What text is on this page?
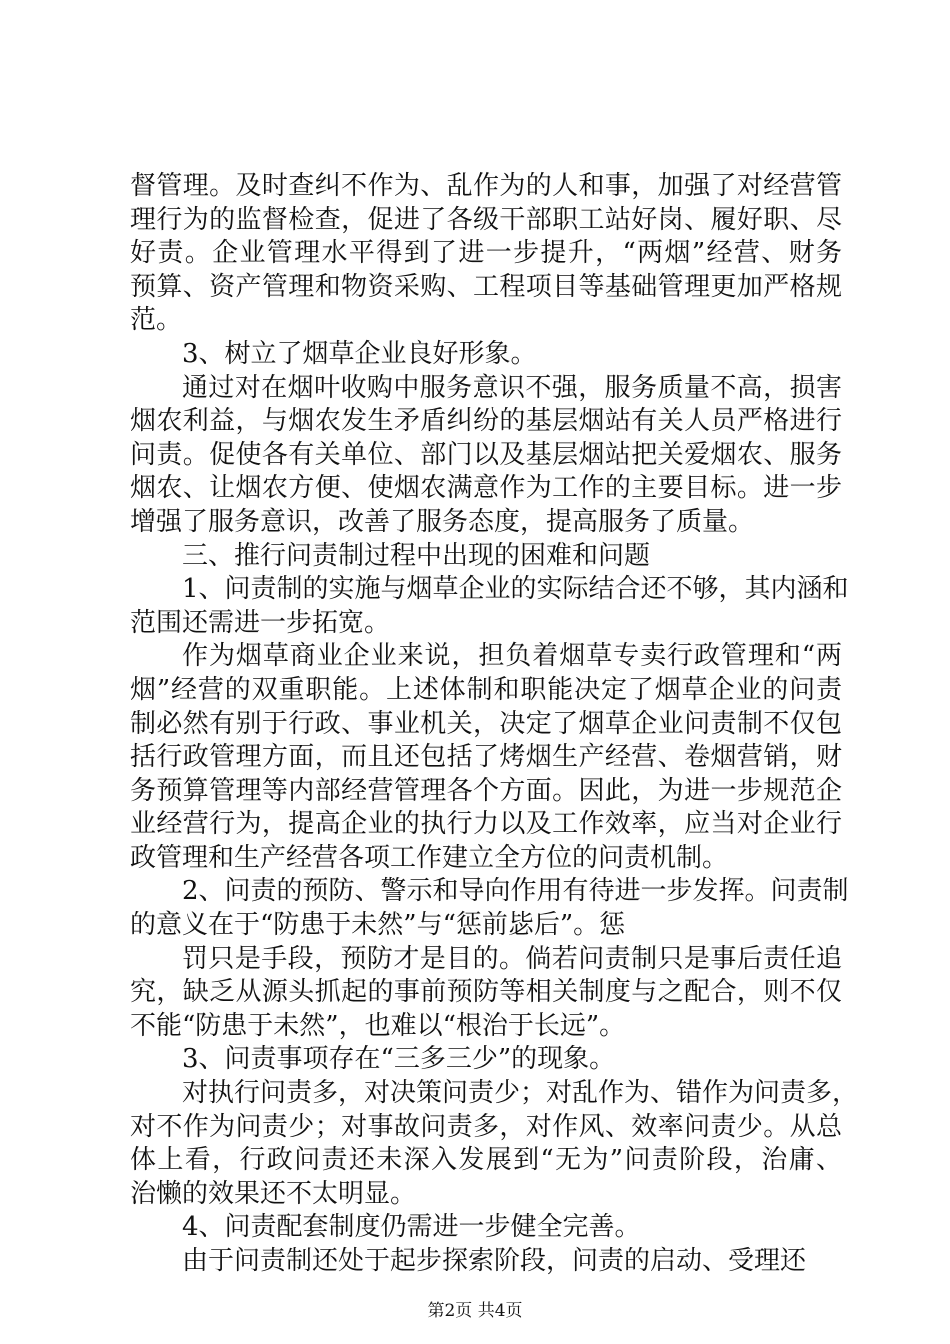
督管理。及时查纠不作为、乱作为的人和事，加强了对经营管
理行为的监督检查，促进了各级干部职工站好岗、履好职、尽
好责。企业管理水平得到了进一步提升，“两烟”经营、财务
预算、资产管理和物资采购、工程项目等基础管理更加严格规
范。
3、树立了烟草企业良好形象。
通过对在烟叶收购中服务意识不强，服务质量不高，损害
烟农利益，与烟农发生矛盾纠纷的基层烟站有关人员严格进行
问责。促使各有关单位、部门以及基层烟站把关爱烟农、服务
烟农、让烟农方便、使烟农满意作为工作的主要目标。进一步
增强了服务意识，改善了服务态度，提高服务了质量。
三、推行问责制过程中出现的困难和问题
1、问责制的实施与烟草企业的实际结合还不够，其内涵和
范围还需进一步拓宽。
作为烟草商业企业来说，担负着烟草专卖行政管理和“两
烟”经营的双重职能。上述体制和职能决定了烟草企业的问责
制必然有别于行政、事业机关，决定了烟草企业问责制不仅包
括行政管理方面，而且还包括了烤烟生产经营、卷烟营销，财
务预算管理等内部经营管理各个方面。因此，为进一步规范企
业经营行为，提高企业的执行力以及工作效率，应当对企业行
政管理和生产经营各项工作建立全方位的问责机制。
2、问责的预防、警示和导向作用有待进一步发挥。问责制
的意义在于“防患于未然”与“惩前毖后”。惩
罚只是手段，预防才是目的。倘若问责制只是事后责任追
究，缺乏从源头抓起的事前预防等相关制度与之配合，则不仅
不能“防患于未然”，也难以“根治于长远”。
3、问责事项存在“三多三少”的现象。
对执行问责多，对决策问责少；对乱作为、错作为问责多，
对不作为问责少；对事故问责多，对作风、效率问责少。从总
体上看，行政问责还未深入发展到“无为”问责阶段，治庸、
治懒的效果还不太明显。
4、问责配套制度仍需进一步健全完善。
由于问责制还处于起步探索阶段，问责的启动、受理还
第2页 共4页
